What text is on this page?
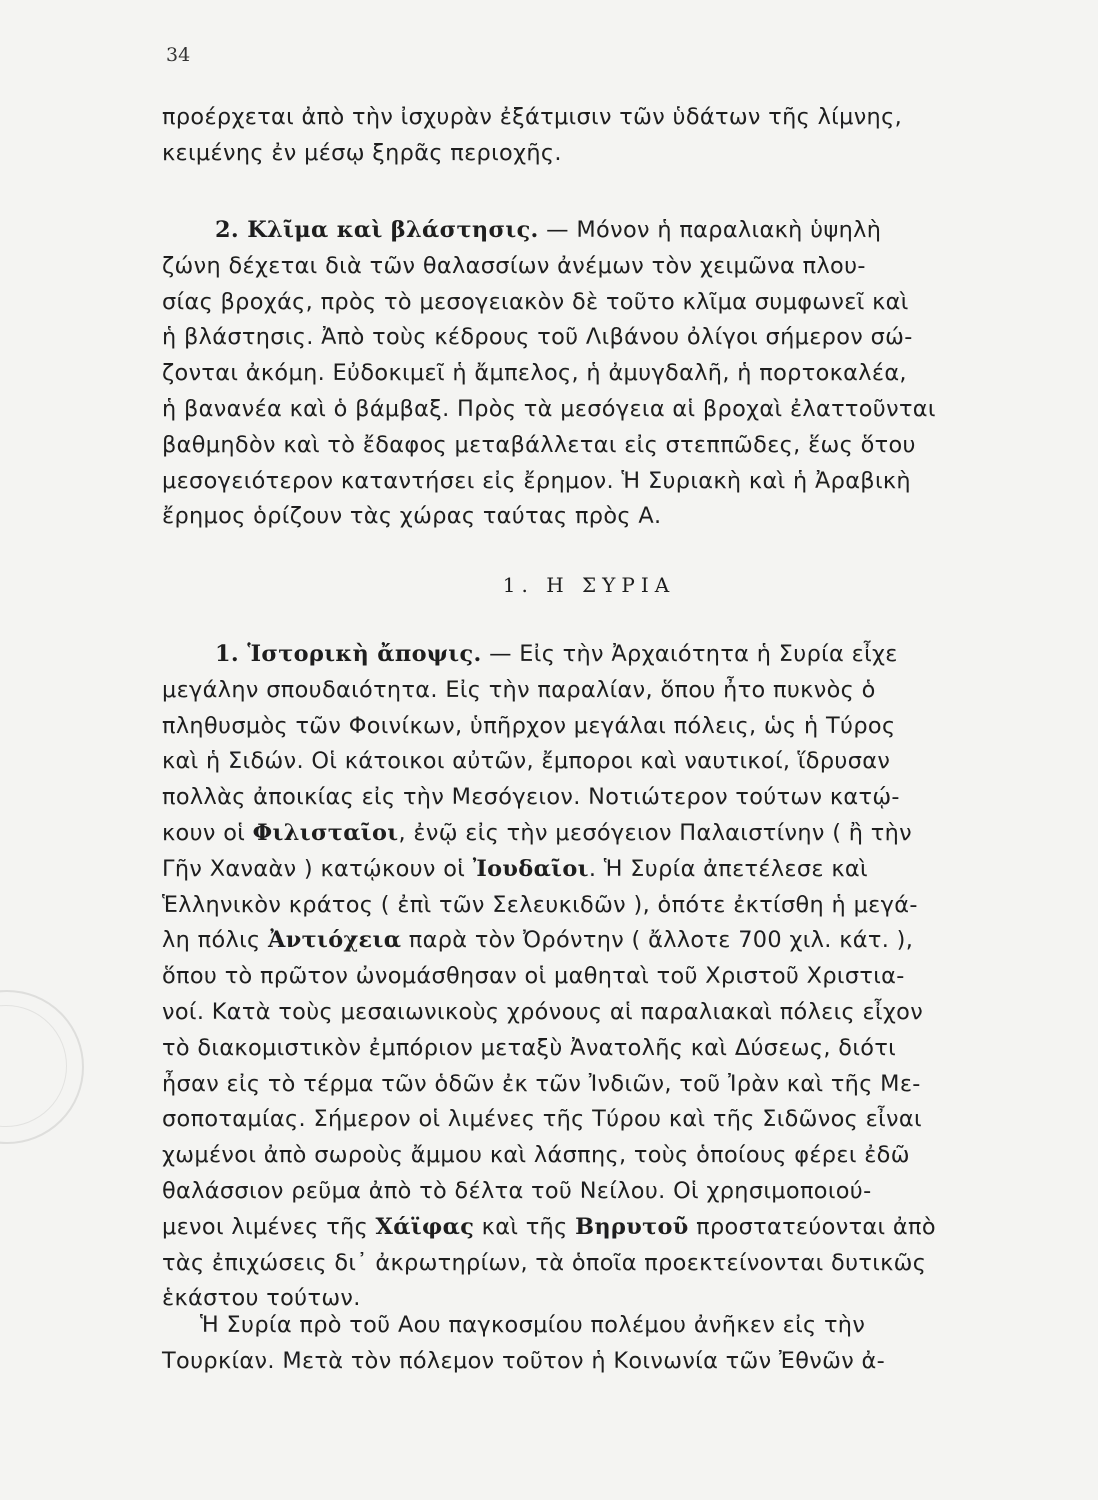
34
προέρχεται ἀπὸ τὴν ἰσχυρὰν ἐξάτμισιν τῶν ὑδάτων τῆς λίμνης,
κειμένης ἐν μέσῳ ξηρᾶς περιοχῆς.
2. Κλῖμα καὶ βλάστησις. — Μόνον ἡ παραλιακὴ ὑψηλὴ
ζώνη δέχεται διὰ τῶν θαλασσίων ἀνέμων τὸν χειμῶνα πλου-
σίας βροχάς, πρὸς τὸ μεσογειακὸν δὲ τοῦτο κλῖμα συμφωνεῖ καὶ
ἡ βλάστησις. Ἀπὸ τοὺς κέδρους τοῦ Λιβάνου ὀλίγοι σήμερον σώ-
ζονται ἀκόμη. Εὐδοκιμεῖ ἡ ἄμπελος, ἡ ἀμυγδαλῆ, ἡ πορτοκαλέα,
ἡ βανανέα καὶ ὁ βάμβαξ. Πρὸς τὰ μεσόγεια αἱ βροχαὶ ἐλαττοῦνται
βαθμηδὸν καὶ τὸ ἔδαφος μεταβάλλεται εἰς στεππῶδες, ἕως ὅτου
μεσογειότερον καταντήσει εἰς ἔρημον. Ἡ Συριακὴ καὶ ἡ Ἀραβικὴ
ἔρημος ὁρίζουν τὰς χώρας ταύτας πρὸς Α.
1. Η ΣΥΡΙΑ
1. Ἱστορικὴ ἄποψις. — Εἰς τὴν Ἀρχαιότητα ἡ Συρία εἶχε
μεγάλην σπουδαιότητα. Εἰς τὴν παραλίαν, ὅπου ἦτο πυκνὸς ὁ
πληθυσμὸς τῶν Φοινίκων, ὑπῆρχον μεγάλαι πόλεις, ὡς ἡ Τύρος
καὶ ἡ Σιδών. Οἱ κάτοικοι αὐτῶν, ἔμποροι καὶ ναυτικοί, ἵδρυσαν
πολλὰς ἀποικίας εἰς τὴν Μεσόγειον. Νοτιώτερον τούτων κατῴ-
κουν οἱ Φιλισταῖοι, ἐνῷ εἰς τὴν μεσόγειον Παλαιστίνην ( ἢ τὴν
Γῆν Χαναὰν ) κατῴκουν οἱ Ἰουδαῖοι. Ἡ Συρία ἀπετέλεσε καὶ
Ἑλληνικὸν κράτος ( ἐπὶ τῶν Σελευκιδῶν ), ὁπότε ἐκτίσθη ἡ μεγά-
λη πόλις Ἀντιόχεια παρὰ τὸν Ὀρόντην ( ἄλλοτε 700 χιλ. κάτ. ),
ὅπου τὸ πρῶτον ὠνομάσθησαν οἱ μαθηταὶ τοῦ Χριστοῦ Χριστια-
νοί. Κατὰ τοὺς μεσαιωνικοὺς χρόνους αἱ παραλιακαὶ πόλεις εἶχον
τὸ διακομιστικὸν ἐμπόριον μεταξὺ Ἀνατολῆς καὶ Δύσεως, διότι
ἦσαν εἰς τὸ τέρμα τῶν ὁδῶν ἐκ τῶν Ἰνδιῶν, τοῦ Ἰρὰν καὶ τῆς Με-
σοποταμίας. Σήμερον οἱ λιμένες τῆς Τύρου καὶ τῆς Σιδῶνος εἶναι
χωμένοι ἀπὸ σωροὺς ἄμμου καὶ λάσπης, τοὺς ὁποίους φέρει ἐδῶ
θαλάσσιον ρεῦμα ἀπὸ τὸ δέλτα τοῦ Νείλου. Οἱ χρησιμοποιού-
μενοι λιμένες τῆς Χάϊφας καὶ τῆς Βηρυτοῦ προστατεύονται ἀπὸ
τὰς ἐπιχώσεις δι᾽ ἀκρωτηρίων, τὰ ὁποῖα προεκτείνονται δυτικῶς
ἑκάστου τούτων.
Ἡ Συρία πρὸ τοῦ Αου παγκοσμίου πολέμου ἀνῆκεν εἰς τὴν
Τουρκίαν. Μετὰ τὸν πόλεμον τοῦτον ἡ Κοινωνία τῶν Ἐθνῶν ἀ-
